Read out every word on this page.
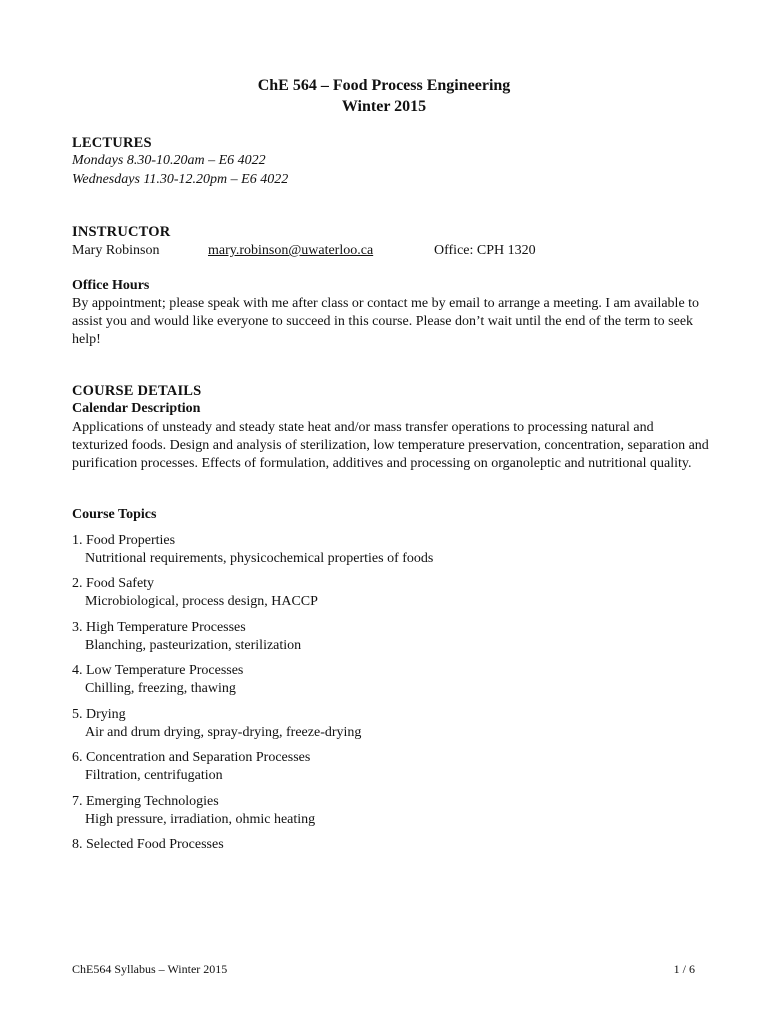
ChE 564 – Food Process Engineering
Winter 2015
LECTURES
Mondays 8.30-10.20am – E6 4022
Wednesdays 11.30-12.20pm – E6 4022
INSTRUCTOR
Mary Robinson	mary.robinson@uwaterloo.ca	Office: CPH 1320
Office Hours
By appointment; please speak with me after class or contact me by email to arrange a meeting. I am available to assist you and would like everyone to succeed in this course. Please don’t wait until the end of the term to seek help!
COURSE DETAILS
Calendar Description
Applications of unsteady and steady state heat and/or mass transfer operations to processing natural and texturized foods. Design and analysis of sterilization, low temperature preservation, concentration, separation and purification processes. Effects of formulation, additives and processing on organoleptic and nutritional quality.
Course Topics
1. Food Properties
Nutritional requirements, physicochemical properties of foods
2. Food Safety
Microbiological, process design, HACCP
3. High Temperature Processes
Blanching, pasteurization, sterilization
4. Low Temperature Processes
Chilling, freezing, thawing
5. Drying
Air and drum drying, spray-drying, freeze-drying
6. Concentration and Separation Processes
Filtration, centrifugation
7. Emerging Technologies
High pressure, irradiation, ohmic heating
8. Selected Food Processes
ChE564 Syllabus – Winter 2015	1 / 6
